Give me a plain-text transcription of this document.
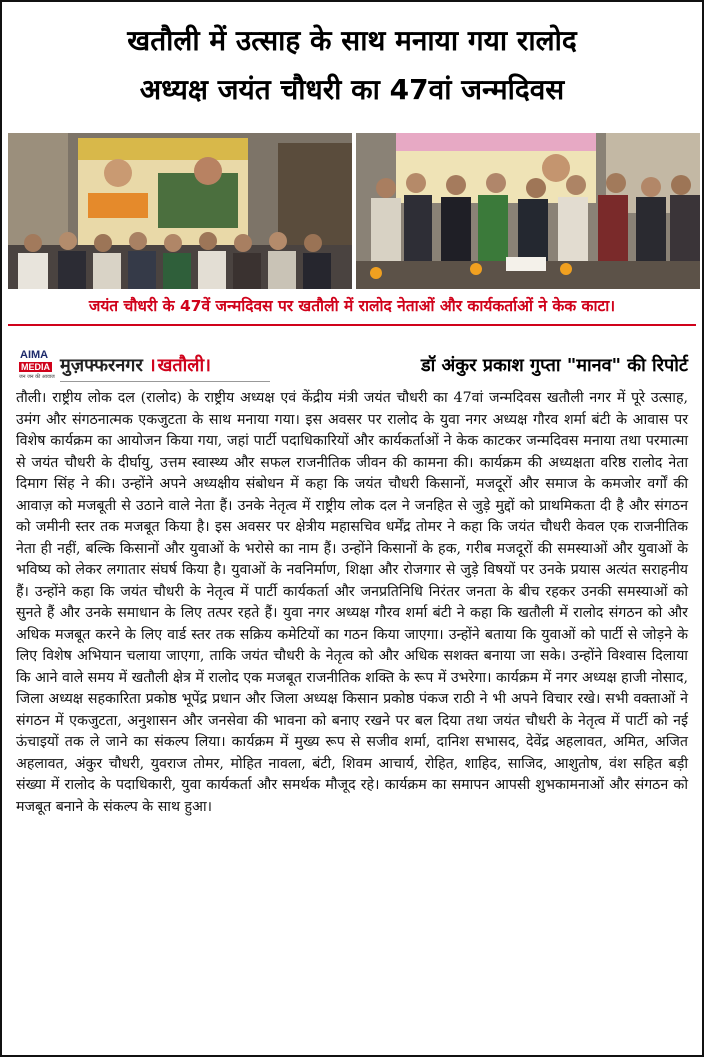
खतौली में उत्साह के साथ मनाया गया रालोद
अध्यक्ष जयंत चौधरी का 47वां जन्मदिवस
जयंत चौधरी के 47वें जन्मदिवस पर खतौली में रालोद नेताओं और कार्यकर्ताओं ने केक काटा।
AIMA
MEDIA
जन जन की आवाज
मुज़फ्फरनगर । खतौली।	डॉ अंकुर प्रकाश गुप्ता "मानव" की रिपोर्ट
तौली। राष्ट्रीय लोक दल (रालोद) के राष्ट्रीय अध्यक्ष एवं केंद्रीय मंत्री जयंत चौधरी का 47वां जन्मदिवस खतौली नगर में पूरे उत्साह, उमंग और संगठनात्मक एकजुटता के साथ मनाया गया। इस अवसर पर रालोद के युवा नगर अध्यक्ष गौरव शर्मा बंटी के आवास पर विशेष कार्यक्रम का आयोजन किया गया, जहां पार्टी पदाधिकारियों और कार्यकर्ताओं ने केक काटकर जन्मदिवस मनाया तथा परमात्मा से जयंत चौधरी के दीर्घायु, उत्तम स्वास्थ्य और सफल राजनीतिक जीवन की कामना की। कार्यक्रम की अध्यक्षता वरिष्ठ रालोद नेता दिमाग सिंह ने की। उन्होंने अपने अध्यक्षीय संबोधन में कहा कि जयंत चौधरी किसानों, मजदूरों और समाज के कमजोर वर्गों की आवाज़ को मजबूती से उठाने वाले नेता हैं। उनके नेतृत्व में राष्ट्रीय लोक दल ने जनहित से जुड़े मुद्दों को प्राथमिकता दी है और संगठन को जमीनी स्तर तक मजबूत किया है। इस अवसर पर क्षेत्रीय महासचिव धर्मेंद्र तोमर ने कहा कि जयंत चौधरी केवल एक राजनीतिक नेता ही नहीं, बल्कि किसानों और युवाओं के भरोसे का नाम हैं। उन्होंने किसानों के हक, गरीब मजदूरों की समस्याओं और युवाओं के भविष्य को लेकर लगातार संघर्ष किया है। युवाओं के नवनिर्माण, शिक्षा और रोजगार से जुड़े विषयों पर उनके प्रयास अत्यंत सराहनीय हैं। उन्होंने कहा कि जयंत चौधरी के नेतृत्व में पार्टी कार्यकर्ता और जनप्रतिनिधि निरंतर जनता के बीच रहकर उनकी समस्याओं को सुनते हैं और उनके समाधान के लिए तत्पर रहते हैं। युवा नगर अध्यक्ष गौरव शर्मा बंटी ने कहा कि खतौली में रालोद संगठन को और अधिक मजबूत करने के लिए वार्ड स्तर तक सक्रिय कमेटियों का गठन किया जाएगा। उन्होंने बताया कि युवाओं को पार्टी से जोड़ने के लिए विशेष अभियान चलाया जाएगा, ताकि जयंत चौधरी के नेतृत्व को और अधिक सशक्त बनाया जा सके। उन्होंने विश्वास दिलाया कि आने वाले समय में खतौली क्षेत्र में रालोद एक मजबूत राजनीतिक शक्ति के रूप में उभरेगा। कार्यक्रम में नगर अध्यक्ष हाजी नोसाद, जिला अध्यक्ष सहकारिता प्रकोष्ठ भूपेंद्र प्रधान और जिला अध्यक्ष किसान प्रकोष्ठ पंकज राठी ने भी अपने विचार रखे। सभी वक्ताओं ने संगठन में एकजुटता, अनुशासन और जनसेवा की भावना को बनाए रखने पर बल दिया तथा जयंत चौधरी के नेतृत्व में पार्टी को नई ऊंचाइयों तक ले जाने का संकल्प लिया। कार्यक्रम में मुख्य रूप से सजीव शर्मा, दानिश सभासद, देवेंद्र अहलावत, अमित, अजित अहलावत, अंकुर चौधरी, युवराज तोमर, मोहित नावला, बंटी, शिवम आचार्य, रोहित, शाहिद, साजिद, आशुतोष, वंश सहित बड़ी संख्या में रालोद के पदाधिकारी, युवा कार्यकर्ता और समर्थक मौजूद रहे। कार्यक्रम का समापन आपसी शुभकामनाओं और संगठन को मजबूत बनाने के संकल्प के साथ हुआ।
